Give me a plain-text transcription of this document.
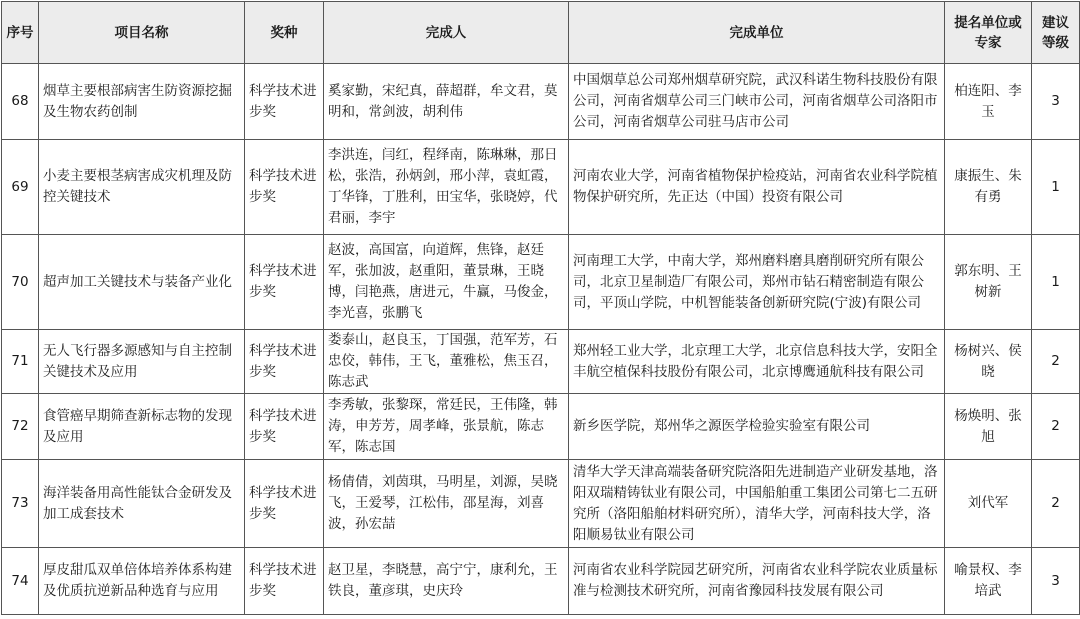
序号	项目名称	奖种	完成人	完成单位	提名单位或专家	建议等级
68	烟草主要根部病害生防资源挖掘及生物农药创制	科学技术进步奖	奚家勤，宋纪真，薛超群，牟文君，莫明和，常剑波，胡利伟	中国烟草总公司郑州烟草研究院，武汉科诺生物科技股份有限公司，河南省烟草公司三门峡市公司，河南省烟草公司洛阳市公司，河南省烟草公司驻马店市公司	柏连阳、李玉	3
69	小麦主要根茎病害成灾机理及防控关键技术	科学技术进步奖	李洪连，闫红，程绎南，陈琳琳，那日松，张浩，孙炳剑，邢小萍，袁虹霞，丁华锋，丁胜利，田宝华，张晓婷，代君丽，李宇	河南农业大学，河南省植物保护检疫站，河南省农业科学院植物保护研究所，先正达（中国）投资有限公司	康振生、朱有勇	1
70	超声加工关键技术与装备产业化	科学技术进步奖	赵波，高国富，向道辉，焦锋，赵廷军，张加波，赵重阳，董景琳，王晓博，闫艳燕，唐进元，牛赢，马俊金，李光喜，张鹏飞	河南理工大学，中南大学，郑州磨料磨具磨削研究所有限公司，北京卫星制造厂有限公司，郑州市钻石精密制造有限公司，平顶山学院，中机智能装备创新研究院(宁波)有限公司	郭东明、王树新	1
71	无人飞行器多源感知与自主控制关键技术及应用	科学技术进步奖	娄泰山，赵良玉，丁国强，范军芳，石忠佼，韩伟，王飞，董雅松，焦玉召，陈志武	郑州轻工业大学，北京理工大学，北京信息科技大学，安阳全丰航空植保科技股份有限公司，北京博鹰通航科技有限公司	杨树兴、侯晓	2
72	食管癌早期筛查新标志物的发现及应用	科学技术进步奖	李秀敏，张黎琛，常廷民，王伟隆，韩涛，申芳芳，周孝峰，张景航，陈志军，陈志国	新乡医学院，郑州华之源医学检验实验室有限公司	杨焕明、张旭	2
73	海洋装备用高性能钛合金研发及加工成套技术	科学技术进步奖	杨倩倩，刘茵琪，马明星，刘源，吴晓飞，王爱琴，江松伟，邵星海，刘喜波，孙宏喆	清华大学天津高端装备研究院洛阳先进制造产业研发基地，洛阳双瑞精铸钛业有限公司，中国船舶重工集团公司第七二五研究所（洛阳船舶材料研究所），清华大学，河南科技大学，洛阳顺易钛业有限公司	刘代军	2
74	厚皮甜瓜双单倍体培养体系构建及优质抗逆新品种选育与应用	科学技术进步奖	赵卫星，李晓慧，高宁宁，康利允，王铁良，董彦琪，史庆玲	河南省农业科学院园艺研究所，河南省农业科学院农业质量标准与检测技术研究所，河南省豫园科技发展有限公司	喻景权、李培武	3
